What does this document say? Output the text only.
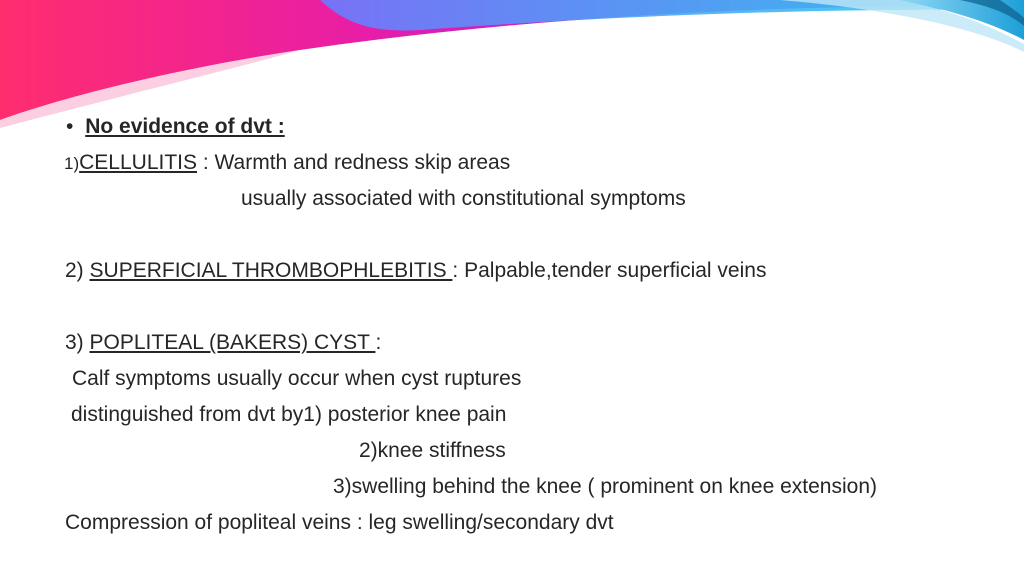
• No evidence of dvt :
1)CELLULITIS : Warmth and redness skip areas
usually associated with constitutional symptoms
2) SUPERFICIAL THROMBOPHLEBITIS : Palpable,tender superficial veins
3) POPLITEAL (BAKERS) CYST :
Calf symptoms usually occur when cyst ruptures
distinguished from dvt by1) posterior knee pain
2)knee stiffness
3)swelling behind the knee ( prominent on knee extension)
Compression of popliteal veins : leg swelling/secondary dvt
